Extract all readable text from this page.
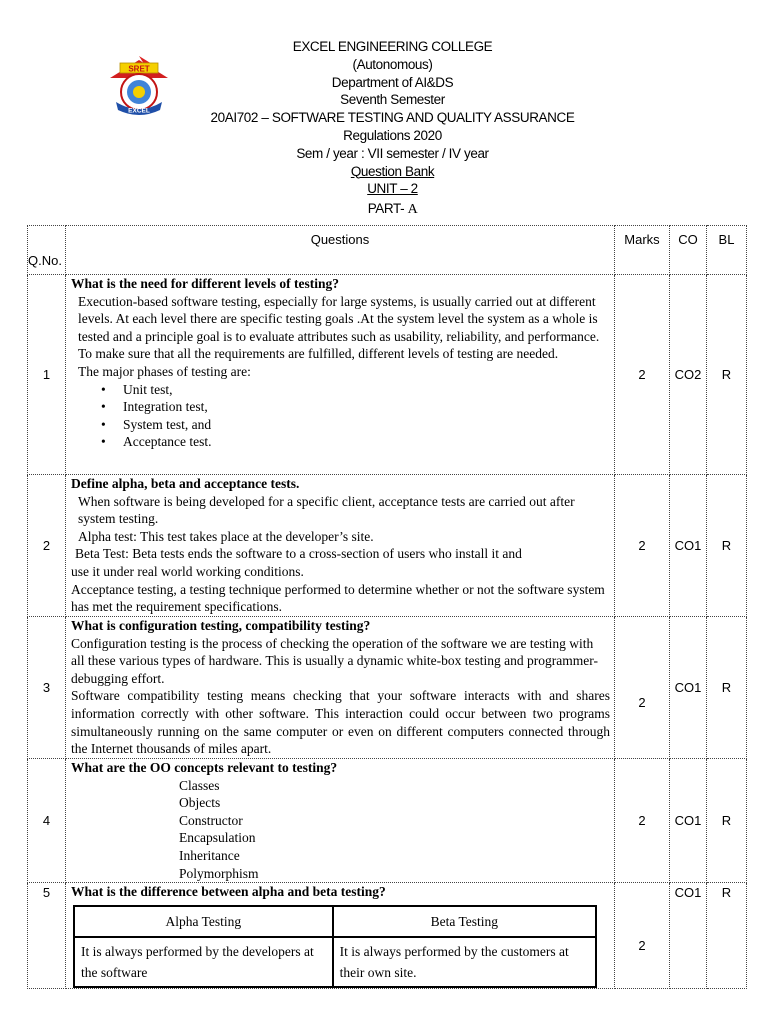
SRET
EXCEL
EXCEL ENGINEERING COLLEGE
(Autonomous)
Department of AI&DS
Seventh Semester
20AI702 – SOFTWARE TESTING AND QUALITY ASSURANCE
Regulations 2020
Sem / year : VII semester / IV year
Question Bank
UNIT – 2
PART- A
Q.No.	Questions	Marks	CO	BL
1	
What is the need for different levels of testing?
Execution-based software testing, especially for large systems, is usually carried out at different levels. At each level there are specific testing goals .At the system level the system as a whole is tested and a principle goal is to evaluate attributes such as usability, reliability, and performance. To make sure that all the requirements are fulfilled, different levels of testing are needed.
The major phases of testing are:
• Unit test,
• Integration test,
• System test, and
• Acceptance test.
	2	CO2	R
2	
Define alpha, beta and acceptance tests.
When software is being developed for a specific client, acceptance tests are carried out after system testing.
Alpha test: This test takes place at the developer’s site.
Beta Test: Beta tests ends the software to a cross-section of users who install it and
use it under real world working conditions.
Acceptance testing, a testing technique performed to determine whether or not the software system has met the requirement specifications.
	2	CO1	R
3	
What is configuration testing, compatibility testing?
Configuration testing is the process of checking the operation of the software we are testing with all these various types of hardware. This is usually a dynamic white-box testing and programmer-debugging effort.
Software compatibility testing means checking that your software interacts with and shares information correctly with other software. This interaction could occur between two programs simultaneously running on the same computer or even on different computers connected through the Internet thousands of miles apart.
	2	CO1	R
4	
What are the OO concepts relevant to testing?
Classes
Objects
Constructor
Encapsulation
Inheritance
Polymorphism
	2	CO1	R
5	What is the difference between alpha and beta testing?
Alpha Testing	Beta Testing
It is always performed by the developers at the software	It is always performed by the customers at their own site.
	2	CO1	R
